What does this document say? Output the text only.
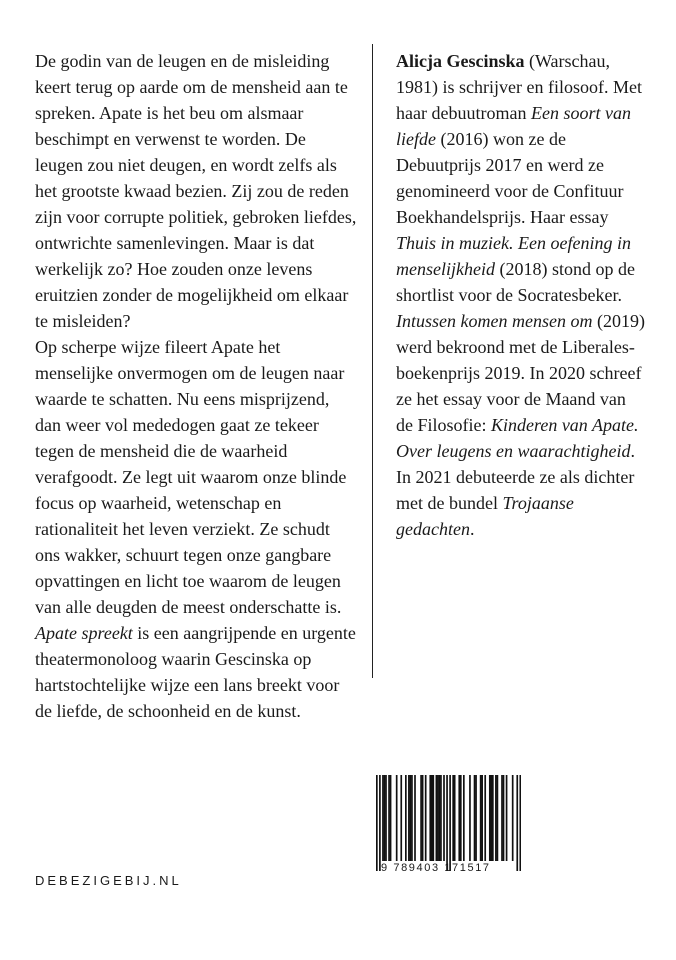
De godin van de leugen en de misleiding keert terug op aarde om de mensheid aan te spreken. Apate is het beu om alsmaar beschimpt en verwenst te worden. De leugen zou niet deugen, en wordt zelfs als het grootste kwaad bezien. Zij zou de reden zijn voor corrupte politiek, gebroken liefdes, ontwrichte samenlevingen. Maar is dat werkelijk zo? Hoe zouden onze levens eruitzien zonder de mogelijkheid om elkaar te misleiden?

Op scherpe wijze fileert Apate het menselijke onvermogen om de leugen naar waarde te schatten. Nu eens misprijzend, dan weer vol mededogen gaat ze tekeer tegen de mensheid die de waarheid verafgoodt. Ze legt uit waarom onze blinde focus op waarheid, wetenschap en rationaliteit het leven verziekt. Ze schudt ons wakker, schuurt tegen onze gangbare opvattingen en licht toe waarom de leugen van alle deugden de meest onderschatte is.

Apate spreekt is een aangrijpende en urgente theatermonoloog waarin Gescinska op hartstochtelijke wijze een lans breekt voor de liefde, de schoonheid en de kunst.

Alicja Gescinska (Warschau, 1981) is schrijver en filosoof. Met haar debuutroman Een soort van liefde (2016) won ze de Debuutprijs 2017 en werd ze genomineerd voor de Confituur Boekhandelsprijs. Haar essay Thuis in muziek. Een oefening in menselijkheid (2018) stond op de shortlist voor de Socratesbeker. Intussen komen mensen om (2019) werd bekroond met de Liberales-boekenprijs 2019. In 2020 schreef ze het essay voor de Maand van de Filosofie: Kinderen van Apate. Over leugens en waarachtigheid.

In 2021 debuteerde ze als dichter met de bundel Trojaanse gedachten.

DEBEZIGEBIJ.NL
9 789403 171517
